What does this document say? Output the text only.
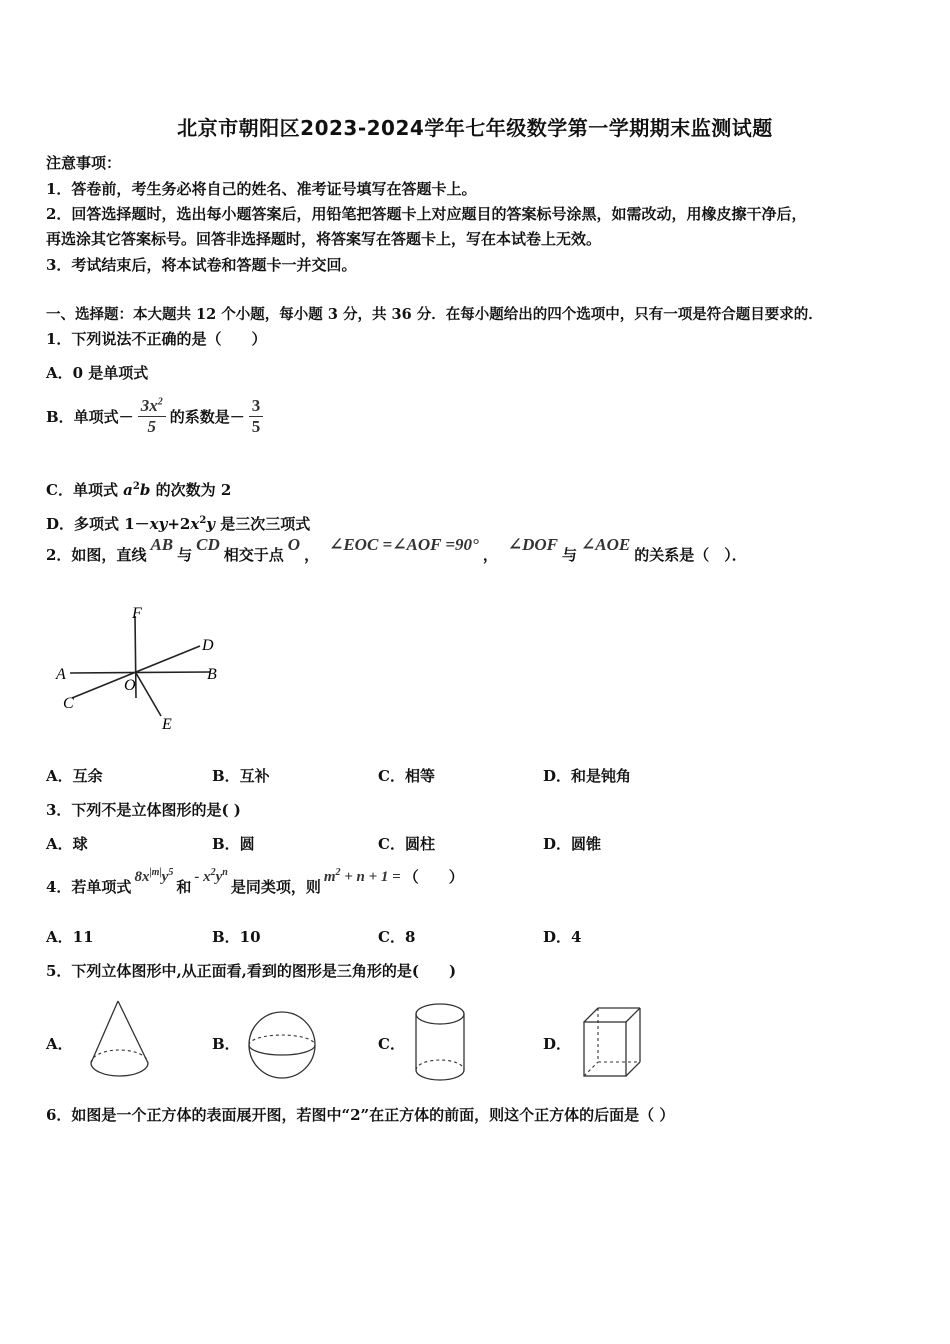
北京市朝阳区2023-2024学年七年级数学第一学期期末监测试题
注意事项：
1．答卷前，考生务必将自己的姓名、准考证号填写在答题卡上。
2．回答选择题时，选出每小题答案后，用铅笔把答题卡上对应题目的答案标号涂黑，如需改动，用橡皮擦干净后，
再选涂其它答案标号。回答非选择题时，将答案写在答题卡上，写在本试卷上无效。
3．考试结束后，将本试卷和答题卡一并交回。
一、选择题：本大题共 12 个小题，每小题 3 分，共 36 分．在每小题给出的四个选项中，只有一项是符合题目要求的．
1．下列说法不正确的是（　　）
A．0 是单项式
B．单项式－ $\frac{3x^2}{5}$ 的系数是－ $\frac{3}{5}$
C．单项式 $a^2b$ 的次数为 2
D．多项式 $1-xy+2x^2y$ 是三次三项式
2．如图，直线
AB
与
CD
相交于点
O
，
∠EOC =∠AOF =90°
，
∠DOF
与
∠AOE
的关系是（　）．
F
D
A	B
C
O
E
A．互余	B．互补	C．相等	D．和是钝角
3．下列不是立体图形的是( )
A．球	B．圆	C．圆柱	D．圆锥
4．若单项式
$8x^{|m|}y^5$
和
- $x^2y^n$
是同类项，则
$m^2 + n + 1$ = （　　）
A．11	B．10	C．8	D．4
5．下列立体图形中,从正面看,看到的图形是三角形的是(　　)
A．	B．	C．	D．
6．如图是一个正方体的表面展开图，若图中“2”在正方体的前面，则这个正方体的后面是（ ）
